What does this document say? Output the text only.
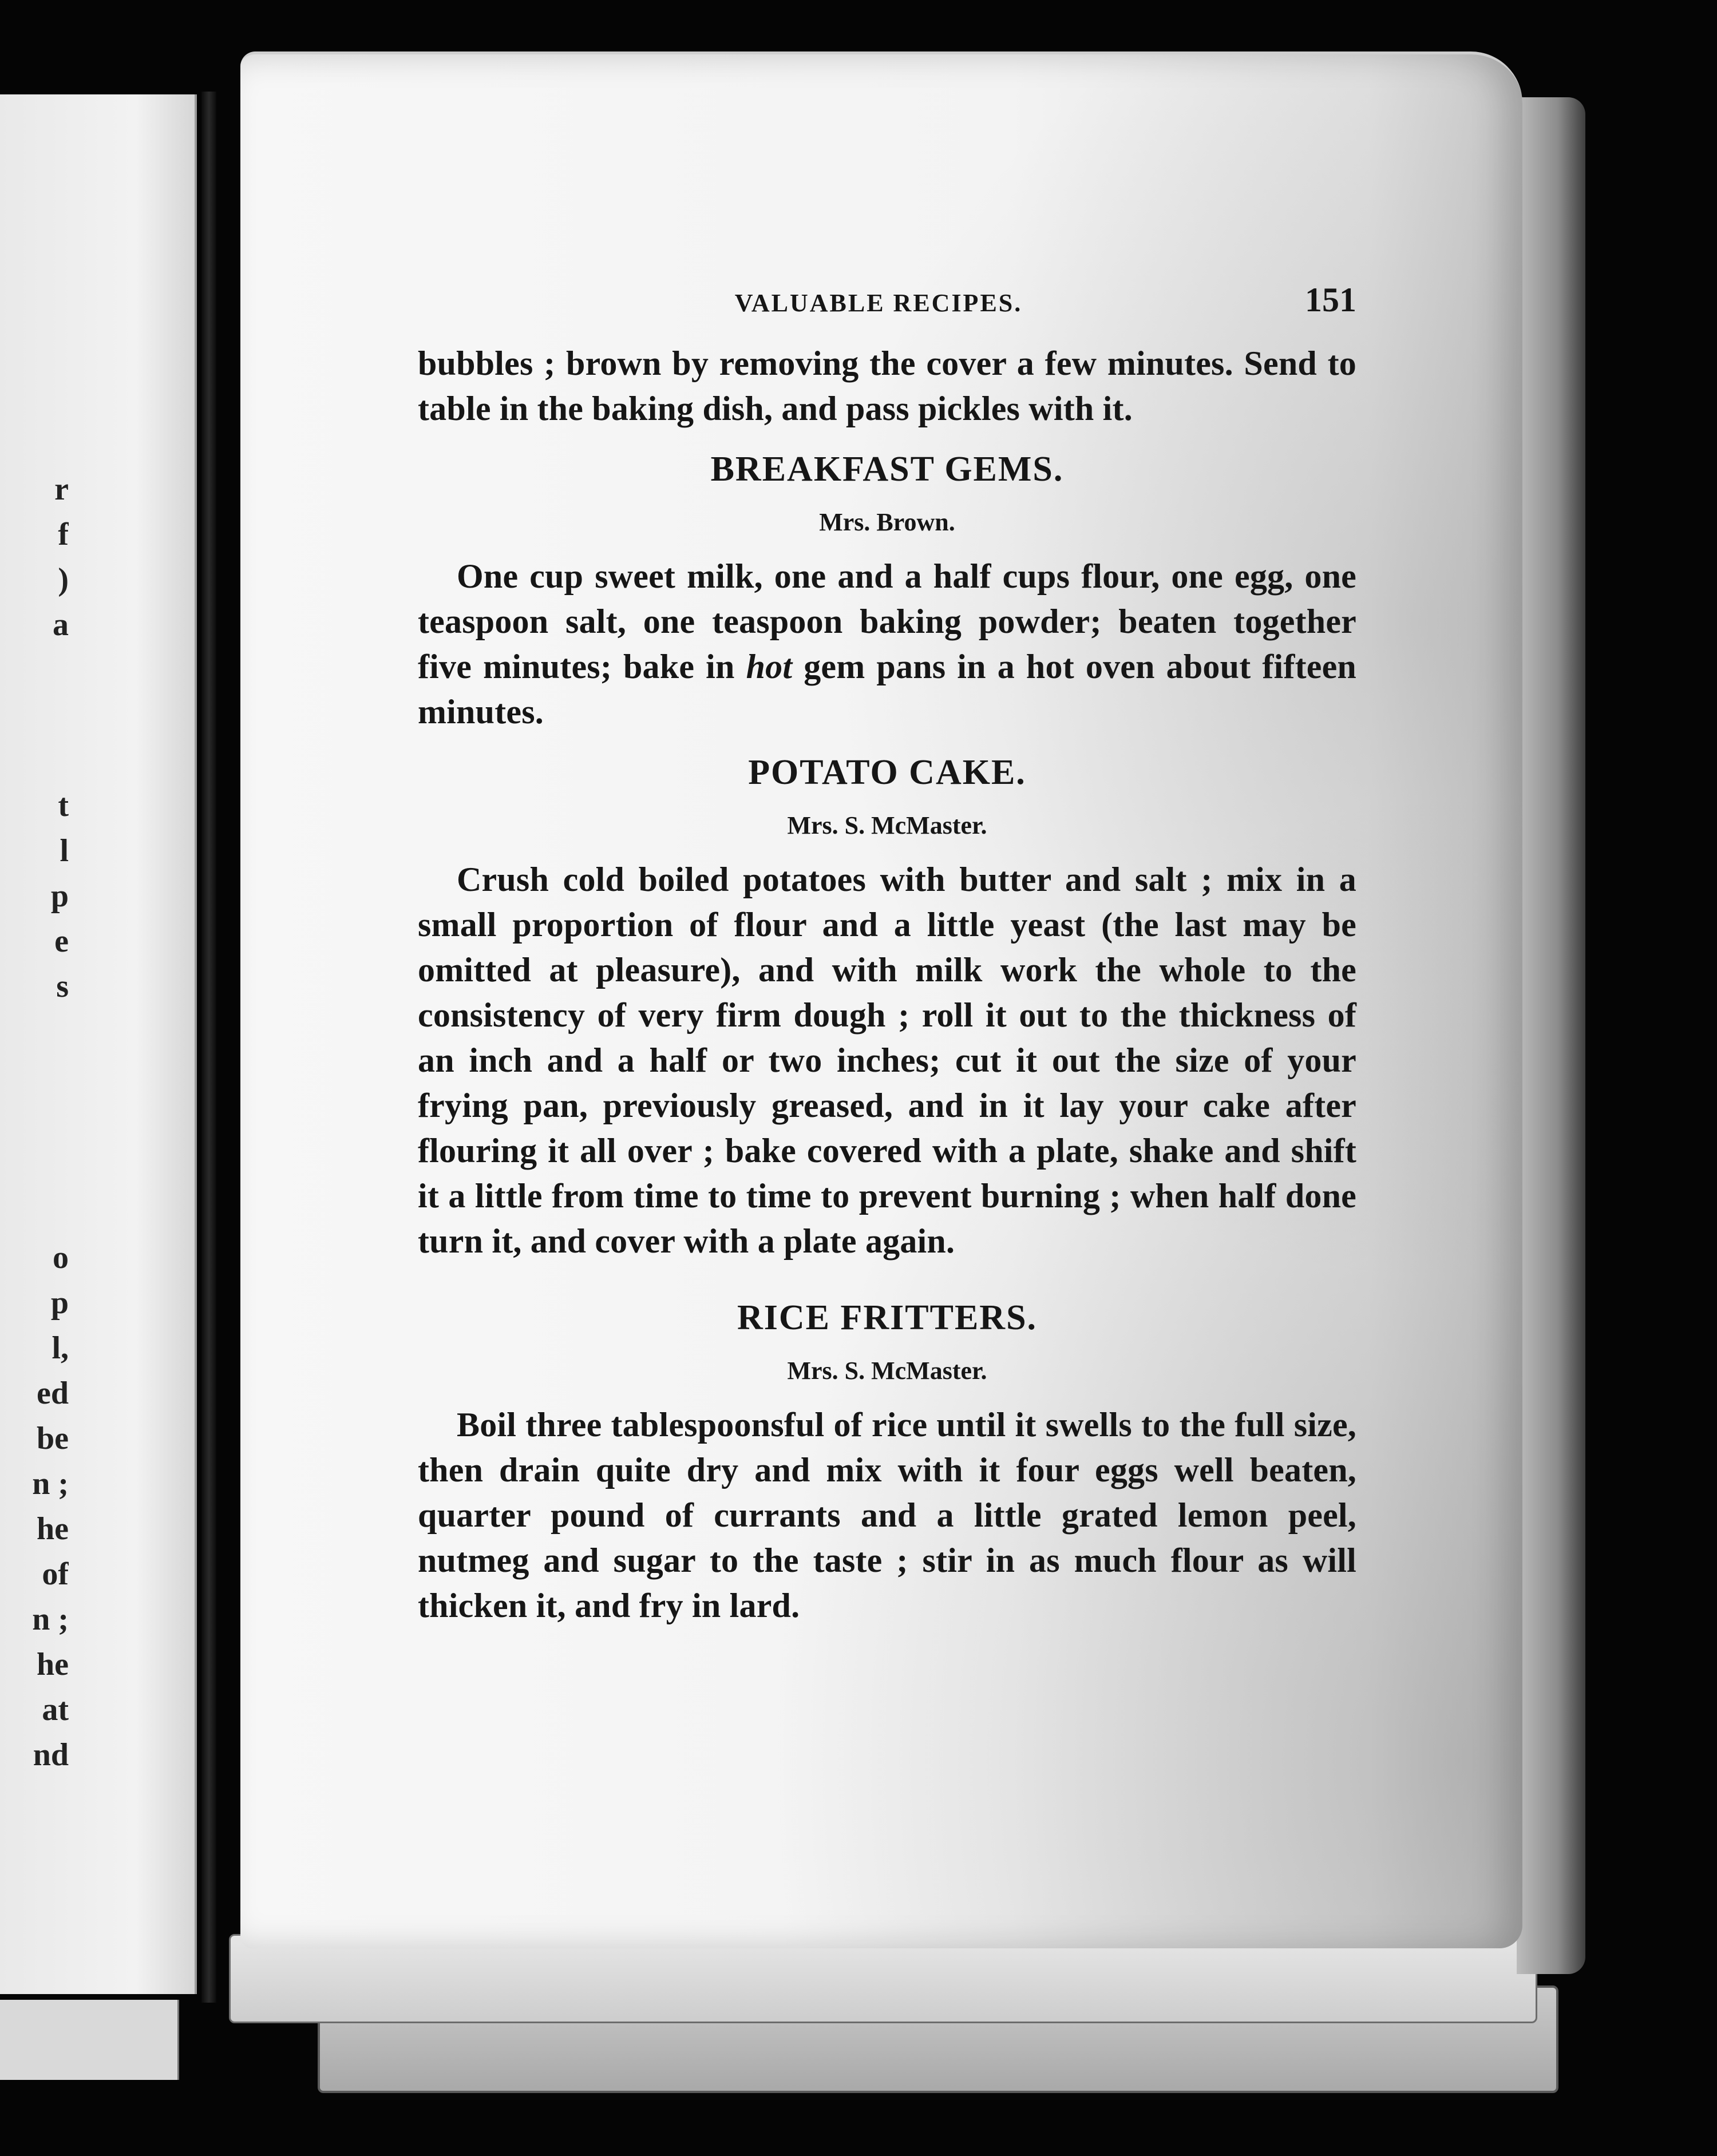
r
f
)
a
t
l
p
e
s
o
p
l,
ed
be
n ;
he
of
n ;
he
at
nd
VALUABLE RECIPES.	151

bubbles ; brown by removing the cover a few minutes. Send to table in the baking dish, and pass pickles with it.

BREAKFAST GEMS.
Mrs. Brown.

One cup sweet milk, one and a half cups flour, one egg, one teaspoon salt, one teaspoon baking powder; beaten together five minutes; bake in hot gem pans in a hot oven about fifteen minutes.

POTATO CAKE.
Mrs. S. McMaster.

Crush cold boiled potatoes with butter and salt ; mix in a small proportion of flour and a little yeast (the last may be omitted at pleasure), and with milk work the whole to the consistency of very firm dough ; roll it out to the thickness of an inch and a half or two inches; cut it out the size of your frying pan, previously greased, and in it lay your cake after flouring it all over ; bake covered with a plate, shake and shift it a little from time to time to prevent burning ; when half done turn it, and cover with a plate again.

RICE FRITTERS.
Mrs. S. McMaster.

Boil three tablespoonsful of rice until it swells to the full size, then drain quite dry and mix with it four eggs well beaten, quarter pound of currants and a little grated lemon peel, nutmeg and sugar to the taste ; stir in as much flour as will thicken it, and fry in lard.
